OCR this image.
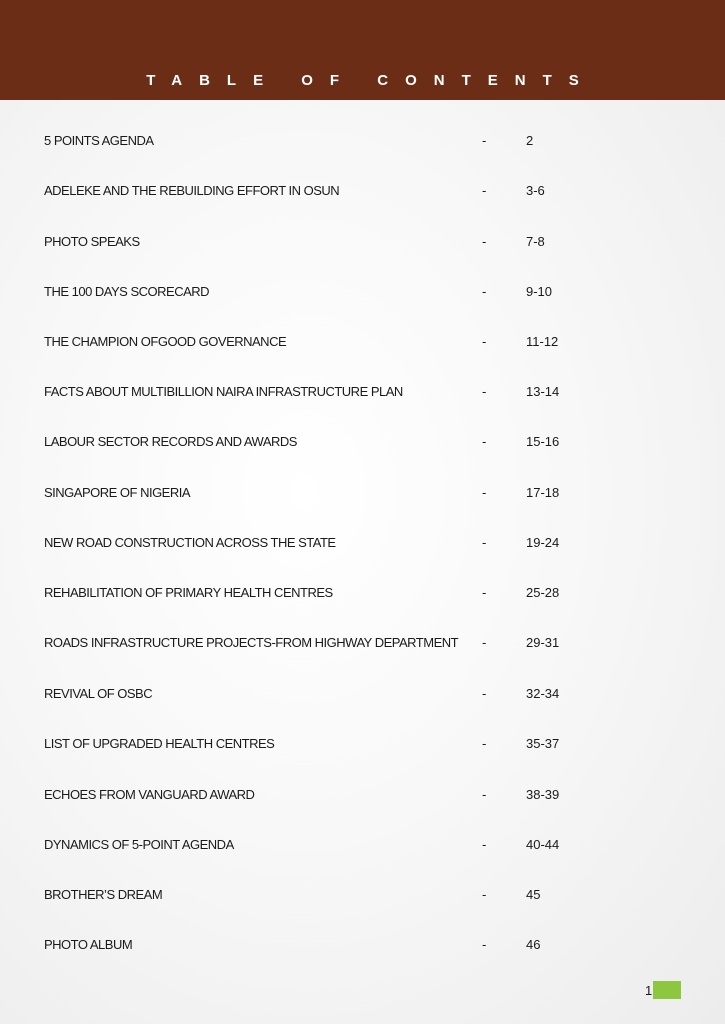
TABLE OF CONTENTS
5 POINTS AGENDA	-	2
ADELEKE AND THE REBUILDING EFFORT IN OSUN	-	3-6
PHOTO SPEAKS	-	7-8
THE 100 DAYS SCORECARD	-	9-10
THE CHAMPION OFGOOD GOVERNANCE	-	11-12
FACTS ABOUT MULTIBILLION NAIRA INFRASTRUCTURE PLAN	-	13-14
LABOUR SECTOR RECORDS AND AWARDS	-	15-16
SINGAPORE OF NIGERIA	-	17-18
NEW ROAD CONSTRUCTION ACROSS THE STATE	-	19-24
REHABILITATION OF PRIMARY HEALTH CENTRES	-	25-28
ROADS INFRASTRUCTURE PROJECTS-FROM HIGHWAY DEPARTMENT -	29-31
REVIVAL OF OSBC	-	32-34
LIST OF UPGRADED HEALTH CENTRES	-	35-37
ECHOES FROM VANGUARD AWARD	-	38-39
DYNAMICS OF 5-POINT AGENDA	-	40-44
BROTHER’S DREAM	-	45
PHOTO ALBUM	-	46
1
